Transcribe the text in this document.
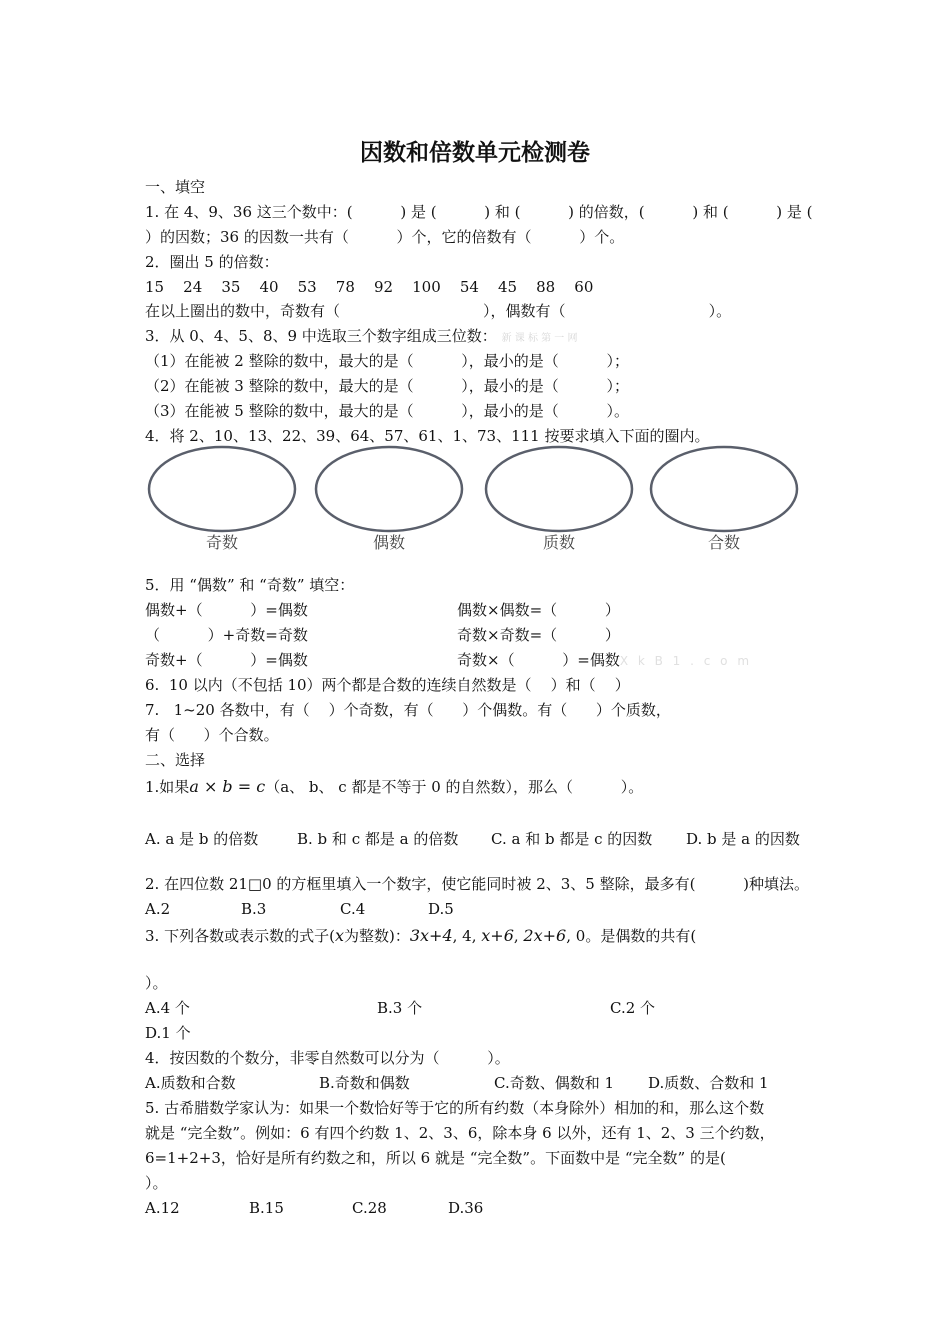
因数和倍数单元检测卷
一、填空
1. 在 4、9、36 这三个数中：(          ) 是 (          ) 和 (          ) 的倍数，(          ) 和 (          ) 是 (
）的因数；36 的因数一共有（          ）个，它的倍数有（          ）个。
2．圈出 5 的倍数：
15    24    35    40    53    78    92    100    54    45    88    60
在以上圈出的数中，奇数有（                              ），偶数有（                              ）。
3．从 0、4、5、8、9 中选取三个数字组成三位数： 新 课 标 第 一 网
（1）在能被 2 整除的数中，最大的是（          ），最小的是（          ）；
（2）在能被 3 整除的数中，最大的是（          ），最小的是（          ）；
（3）在能被 5 整除的数中，最大的是（          ），最小的是（          ）。
4．将 2、10、13、22、39、64、57、61、1、73、111 按要求填入下面的圈内。
奇数	偶数	质数	合数
5．用 “偶数” 和 “奇数” 填空：
偶数+（          ）=偶数	偶数×偶数=（          ）
（          ）+奇数=奇数	奇数×奇数=（          ）
奇数+（          ）=偶数	奇数×（          ）=偶数X k B 1 . c o m
6.  10 以内（不包括 10）两个都是合数的连续自然数是（    ）和（    ）
7.   1~20 各数中，有（    ）个奇数，有（      ）个偶数。有（      ）个质数，
有（      ）个合数。
二、选择
1.如果a × b = c（a、 b、 c 都是不等于 0 的自然数），那么（          ）。
A. a 是 b 的倍数	B. b 和 c 都是 a 的倍数 C. a 和 b 都是 c 的因数 D. b 是 a 的因数
2. 在四位数 21□0 的方框里填入一个数字，使它能同时被 2、3、5 整除，最多有(          )种填法。
A.2	B.3	C.4	D.5
3. 下列各数或表示数的式子(x为整数)：3x+4, 4, x+6, 2x+6, 0。是偶数的共有(
）。
A.4 个	B.3 个	C.2 个
D.1 个
4．按因数的个数分，非零自然数可以分为（          ）。
A.质数和合数	B.奇数和偶数	C.奇数、偶数和 1 D.质数、合数和 1
5. 古希腊数学家认为：如果一个数恰好等于它的所有约数（本身除外）相加的和，那么这个数
就是 “完全数”。例如：6 有四个约数 1、2、3、6，除本身 6 以外，还有 1、2、3 三个约数，
6=1+2+3，恰好是所有约数之和，所以 6 就是 “完全数”。下面数中是 “完全数” 的是(
）。
A.12	B.15	C.28	D.36
